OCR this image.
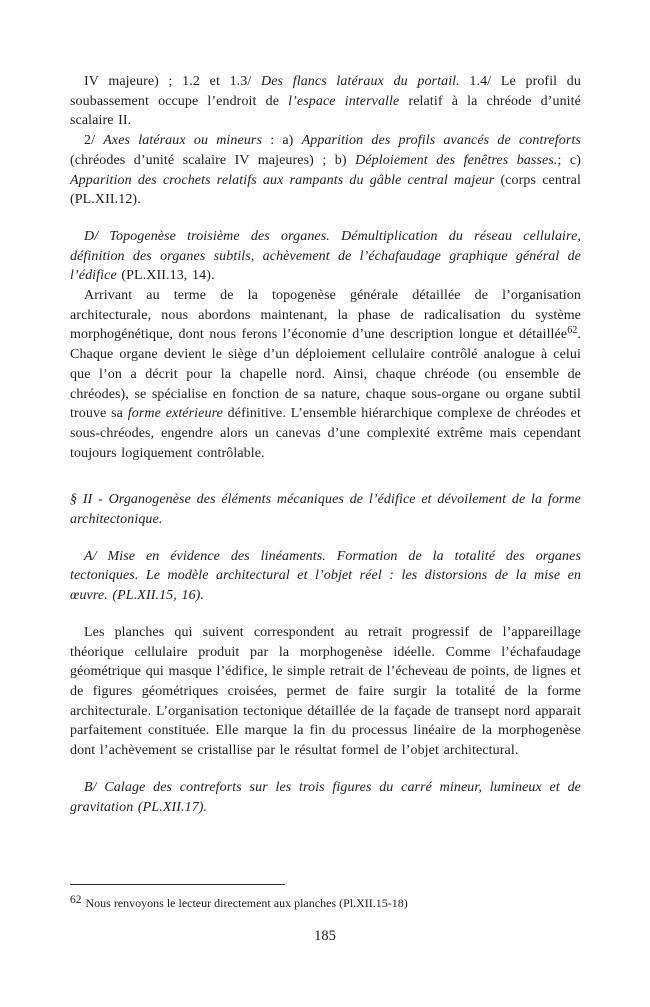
IV majeure) ; 1.2 et 1.3/ Des flancs latéraux du portail. 1.4/ Le profil du soubassement occupe l’endroit de l’espace intervalle relatif à la chréode d’unité scalaire II.

2/ Axes latéraux ou mineurs : a) Apparition des profils avancés de contreforts (chréodes d’unité scalaire IV majeures) ; b) Déploiement des fenêtres basses.; c) Apparition des crochets relatifs aux rampants du gâble central majeur (corps central (PL.XII.12).

D/ Topogenèse troisième des organes. Démultiplication du réseau cellulaire, définition des organes subtils, achèvement de l’échafaudage graphique général de l’édifice (PL.XII.13, 14).

Arrivant au terme de la topogenèse générale détaillée de l’organisation architecturale, nous abordons maintenant, la phase de radicalisation du système morphogénétique, dont nous ferons l’économie d’une description longue et détaillée$^{62}$. Chaque organe devient le siège d’un déploiement cellulaire contrôlé analogue à celui que l’on a décrit pour la chapelle nord. Ainsi, chaque chréode (ou ensemble de chréodes), se spécialise en fonction de sa nature, chaque sous-organe ou organe subtil trouve sa forme extérieure définitive. L’ensemble hiérarchique complexe de chréodes et sous-chréodes, engendre alors un canevas d’une complexité extrême mais cependant toujours logiquement contrôlable.

§ II - Organogenèse des éléments mécaniques de l’édifice et dévoilement de la forme architectonique.

A/ Mise en évidence des linéaments. Formation de la totalité des organes tectoniques. Le modèle architectural et l’objet réel : les distorsions de la mise en œuvre. (PL.XII.15, 16).

Les planches qui suivent correspondent au retrait progressif de l’appareillage théorique cellulaire produit par la morphogenèse idéelle. Comme l’échafaudage géométrique qui masque l’édifice, le simple retrait de l’écheveau de points, de lignes et de figures géométriques croisées, permet de faire surgir la totalité de la forme architecturale. L’organisation tectonique détaillée de la façade de transept nord apparait parfaitement constituée. Elle marque la fin du processus linéaire de la morphogenèse dont l’achèvement se cristallise par le résultat formel de l’objet architectural.

B/ Calage des contreforts sur les trois figures du carré mineur, lumineux et de gravitation (PL.XII.17).

$^{62}$ Nous renvoyons le lecteur directement aux planches (Pl.XII.15-18)

185
